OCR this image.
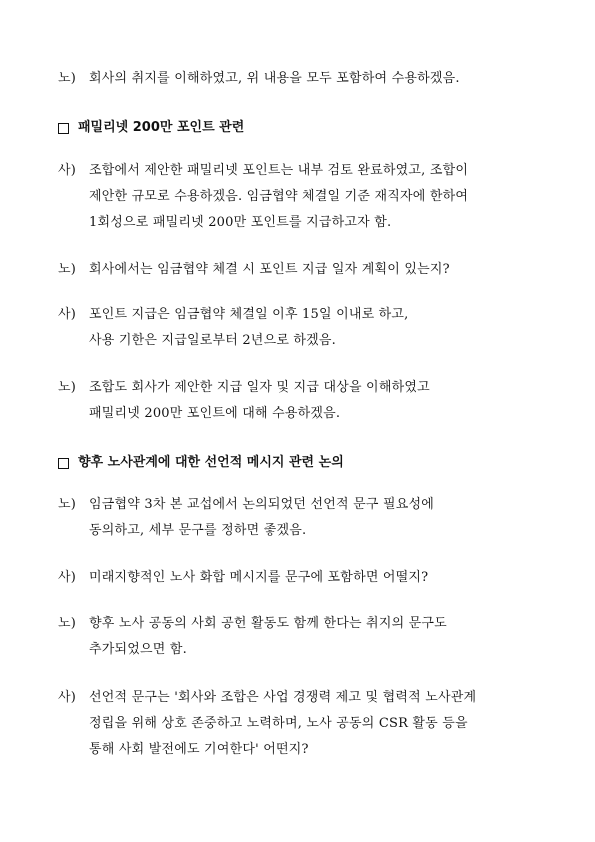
노) 회사의 취지를 이해하였고, 위 내용을 모두 포함하여 수용하겠음.
패밀리넷 200만 포인트 관련
사) 조합에서 제안한 패밀리넷 포인트는 내부 검토 완료하였고, 조합이
제안한 규모로 수용하겠음. 임금협약 체결일 기준 재직자에 한하여
1회성으로 패밀리넷 200만 포인트를 지급하고자 함.
노) 회사에서는 임금협약 체결 시 포인트 지급 일자 계획이 있는지?
사) 포인트 지급은 임금협약 체결일 이후 15일 이내로 하고,
사용 기한은 지급일로부터 2년으로 하겠음.
노) 조합도 회사가 제안한 지급 일자 및 지급 대상을 이해하였고
패밀리넷 200만 포인트에 대해 수용하겠음.
향후 노사관계에 대한 선언적 메시지 관련 논의
노) 임금협약 3차 본 교섭에서 논의되었던 선언적 문구 필요성에
동의하고, 세부 문구를 정하면 좋겠음.
사) 미래지향적인 노사 화합 메시지를 문구에 포함하면 어떨지?
노) 향후 노사 공동의 사회 공헌 활동도 함께 한다는 취지의 문구도
추가되었으면 함.
사) 선언적 문구는 '회사와 조합은 사업 경쟁력 제고 및 협력적 노사관계
정립을 위해 상호 존중하고 노력하며, 노사 공동의 CSR 활동 등을
통해 사회 발전에도 기여한다' 어떤지?
